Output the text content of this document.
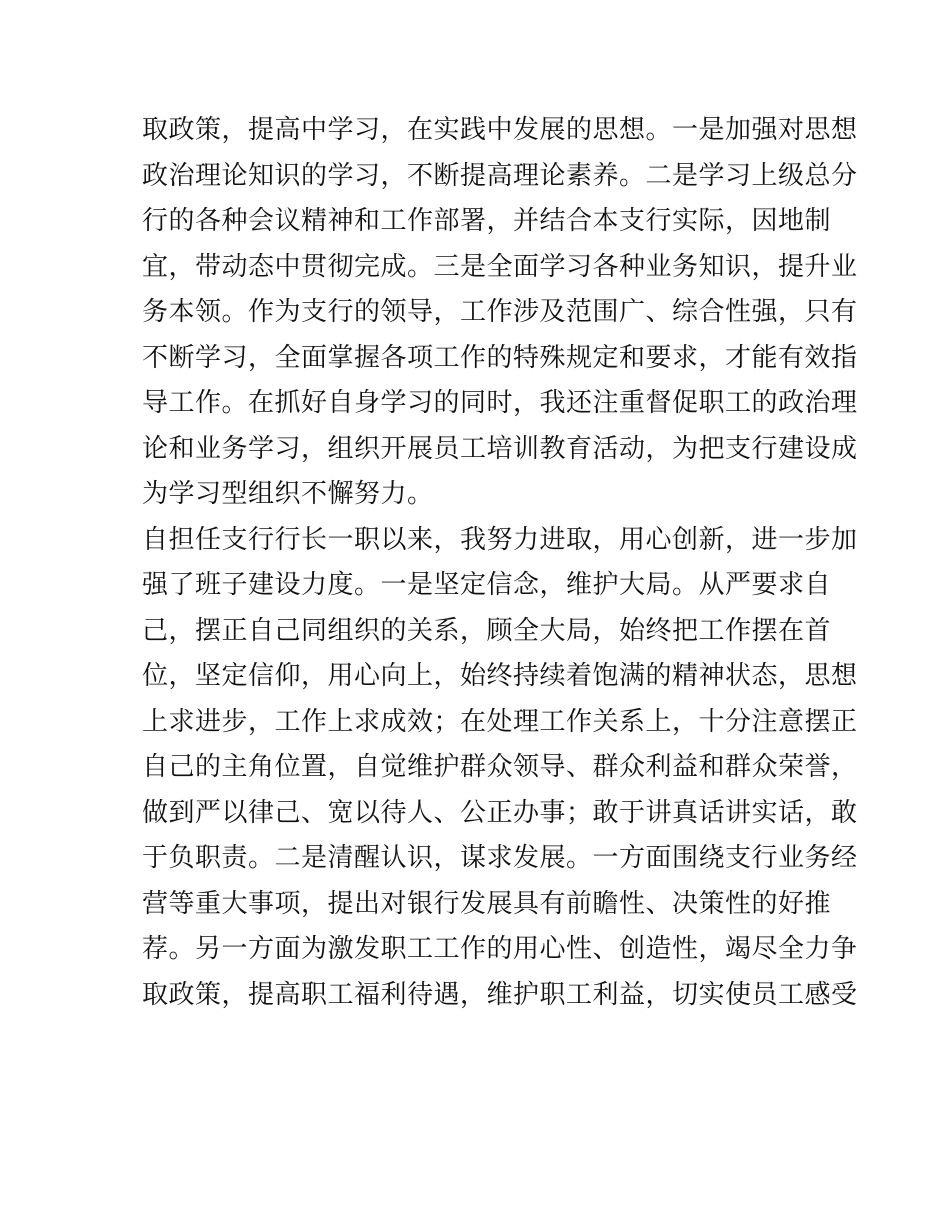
取政策，提高中学习，在实践中发展的思想。一是加强对思想
政治理论知识的学习，不断提高理论素养。二是学习上级总分
行的各种会议精神和工作部署，并结合本支行实际，因地制
宜，带动态中贯彻完成。三是全面学习各种业务知识，提升业
务本领。作为支行的领导，工作涉及范围广、综合性强，只有
不断学习，全面掌握各项工作的特殊规定和要求，才能有效指
导工作。在抓好自身学习的同时，我还注重督促职工的政治理
论和业务学习，组织开展员工培训教育活动，为把支行建设成
为学习型组织不懈努力。
自担任支行行长一职以来，我努力进取，用心创新，进一步加
强了班子建设力度。一是坚定信念，维护大局。从严要求自
己，摆正自己同组织的关系，顾全大局，始终把工作摆在首
位，坚定信仰，用心向上，始终持续着饱满的精神状态，思想
上求进步，工作上求成效；在处理工作关系上，十分注意摆正
自己的主角位置，自觉维护群众领导、群众利益和群众荣誉，
做到严以律己、宽以待人、公正办事；敢于讲真话讲实话，敢
于负职责。二是清醒认识，谋求发展。一方面围绕支行业务经
营等重大事项，提出对银行发展具有前瞻性、决策性的好推
荐。另一方面为激发职工工作的用心性、创造性，竭尽全力争
取政策，提高职工福利待遇，维护职工利益，切实使员工感受
